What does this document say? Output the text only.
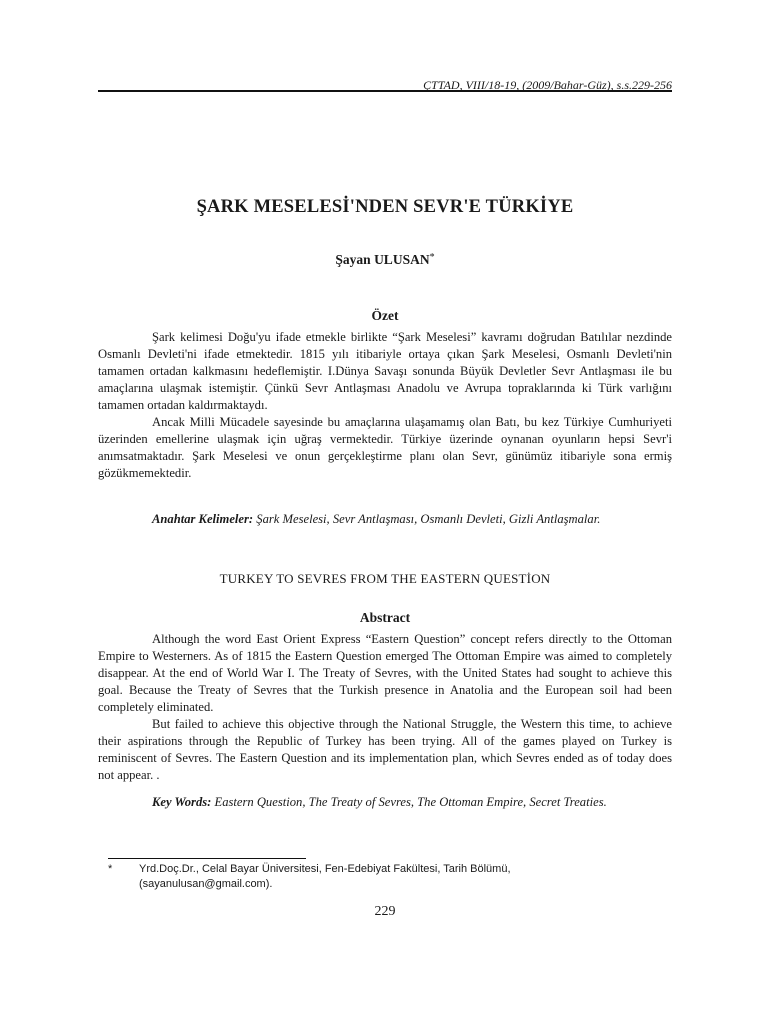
ÇTTAD, VIII/18-19, (2009/Bahar-Güz), s.s.229-256
ŞARK MESELESİ'NDEN SEVR'E TÜRKİYE
Şayan ULUSAN*
Özet

Şark kelimesi Doğu'yu ifade etmekle birlikte “Şark Meselesi” kavramı doğrudan Batılılar nezdinde Osmanlı Devleti'ni ifade etmektedir. 1815 yılı itibariyle ortaya çıkan Şark Meselesi, Osmanlı Devleti'nin tamamen ortadan kalkmasını hedeflemiştir. I.Dünya Savaşı sonunda Büyük Devletler Sevr Antlaşması ile bu amaçlarına ulaşmak istemiştir. Çünkü Sevr Antlaşması Anadolu ve Avrupa topraklarında ki Türk varlığını tamamen ortadan kaldırmaktaydı.

Ancak Milli Mücadele sayesinde bu amaçlarına ulaşamamış olan Batı, bu kez Türkiye Cumhuriyeti üzerinden emellerine ulaşmak için uğraş vermektedir. Türkiye üzerinde oynanan oyunların hepsi Sevr'i anımsatmaktadır. Şark Meselesi ve onun gerçekleştirme planı olan Sevr, günümüz itibariyle sona ermiş gözükmemektedir.

Anahtar Kelimeler: Şark Meselesi, Sevr Antlaşması, Osmanlı Devleti, Gizli Antlaşmalar.
TURKEY TO SEVRES FROM THE EASTERN QUESTİON
Abstract

Although the word East Orient Express “Eastern Question” concept refers directly to the Ottoman Empire to Westerners. As of 1815 the Eastern Question emerged The Ottoman Empire was aimed to completely disappear. At the end of World War I. The Treaty of Sevres, with the United States had sought to achieve this goal. Because the Treaty of Sevres that the Turkish presence in Anatolia and the European soil had been completely eliminated.

But failed to achieve this objective through the National Struggle, the Western this time, to achieve their aspirations through the Republic of Turkey has been trying. All of the games played on Turkey is reminiscent of Sevres. The Eastern Question and its implementation plan, which Sevres ended as of today does not appear. .

Key Words: Eastern Question, The Treaty of Sevres, The Ottoman Empire, Secret Treaties.
* Yrd.Doç.Dr., Celal Bayar Üniversitesi, Fen-Edebiyat Fakültesi, Tarih Bölümü,
(sayanulusan@gmail.com).
229
